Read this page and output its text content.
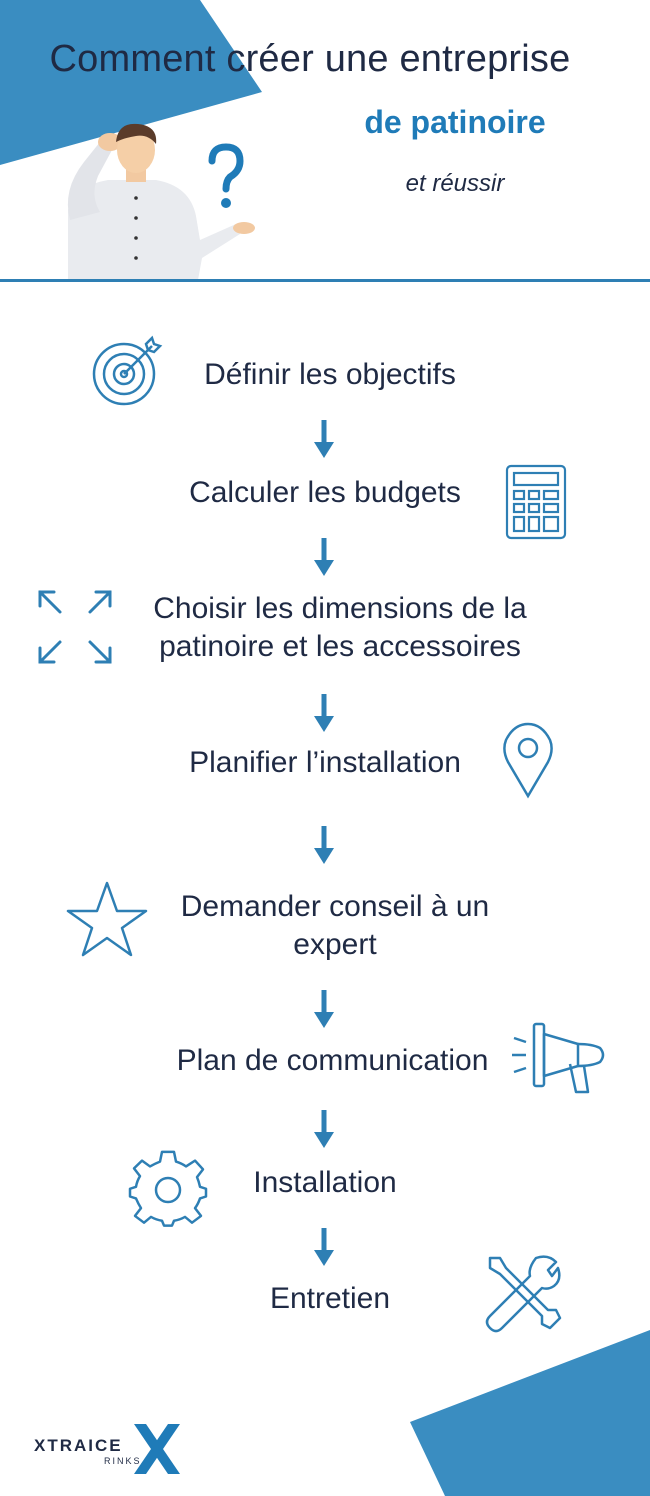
Comment créer une entreprise
de patinoire
et réussir
Définir les objectifs
Calculer les budgets
Choisir les dimensions de la patinoire et les accessoires
Planifier l’installation
Demander conseil à un expert
Plan de communication
Installation
Entretien
XTRAICE
RINKS
